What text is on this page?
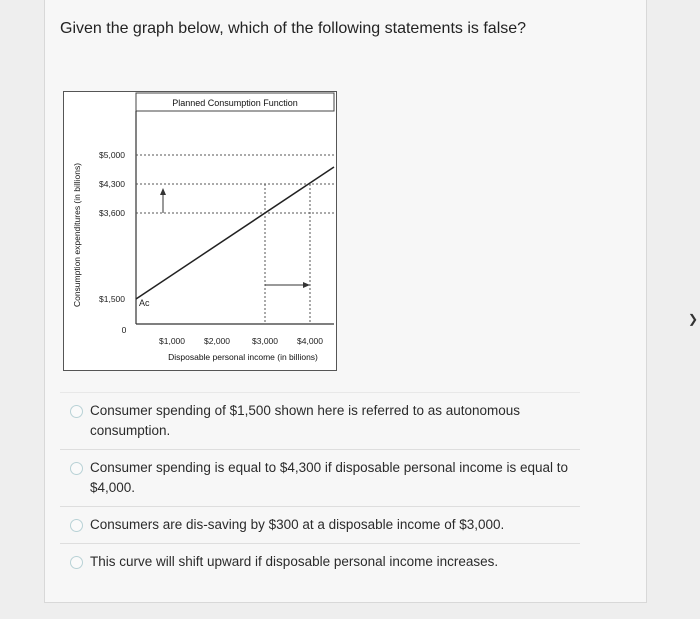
Given the graph below, which of the following statements is false?
Planned Consumption Function
Consumption expenditures (in billions)
$5,000
$4,300
$3,600
$1,500
$1,000 $2,000	$3,000 $4,000
Ac
0
Disposable personal income (in billions)
Consumer spending of $1,500 shown here is referred to as autonomous consumption.
Consumer spending is equal to $4,300 if disposable personal income is equal to $4,000.
Consumers are dis-saving by $300 at a disposable income of $3,000.
This curve will shift upward if disposable personal income increases.
❯
